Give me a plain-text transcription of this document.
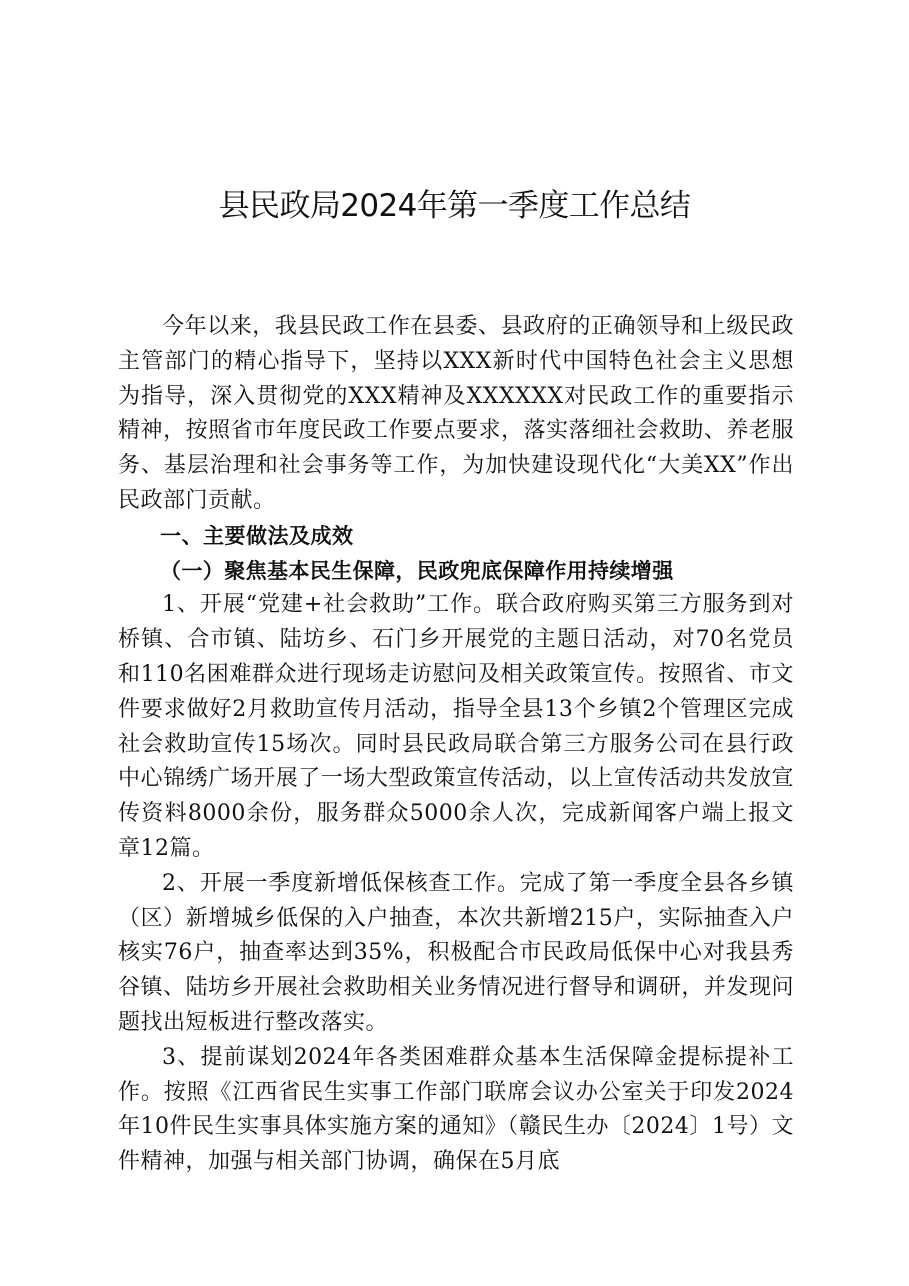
县民政局2024年第一季度工作总结

今年以来，我县民政工作在县委、县政府的正确领导和上级民政主管部门的精心指导下，坚持以XXX新时代中国特色社会主义思想为指导，深入贯彻党的XXX精神及XXXXXX对民政工作的重要指示精神，按照省市年度民政工作要点要求，落实落细社会救助、养老服务、基层治理和社会事务等工作，为加快建设现代化“大美XX”作出民政部门贡献。

一、主要做法及成效

（一）聚焦基本民生保障，民政兜底保障作用持续增强

1、开展“党建+社会救助”工作。联合政府购买第三方服务到对桥镇、合市镇、陆坊乡、石门乡开展党的主题日活动，对70名党员和110名困难群众进行现场走访慰问及相关政策宣传。按照省、市文件要求做好2月救助宣传月活动，指导全县13个乡镇2个管理区完成社会救助宣传15场次。同时县民政局联合第三方服务公司在县行政中心锦绣广场开展了一场大型政策宣传活动，以上宣传活动共发放宣传资料8000余份，服务群众5000余人次，完成新闻客户端上报文章12篇。

2、开展一季度新增低保核查工作。完成了第一季度全县各乡镇（区）新增城乡低保的入户抽查，本次共新增215户，实际抽查入户核实76户，抽查率达到35%，积极配合市民政局低保中心对我县秀谷镇、陆坊乡开展社会救助相关业务情况进行督导和调研，并发现问题找出短板进行整改落实。

3、提前谋划2024年各类困难群众基本生活保障金提标提补工作。按照《江西省民生实事工作部门联席会议办公室关于印发2024年10件民生实事具体实施方案的通知》（赣民生办〔2024〕1号）文件精神，加强与相关部门协调，确保在5月底
